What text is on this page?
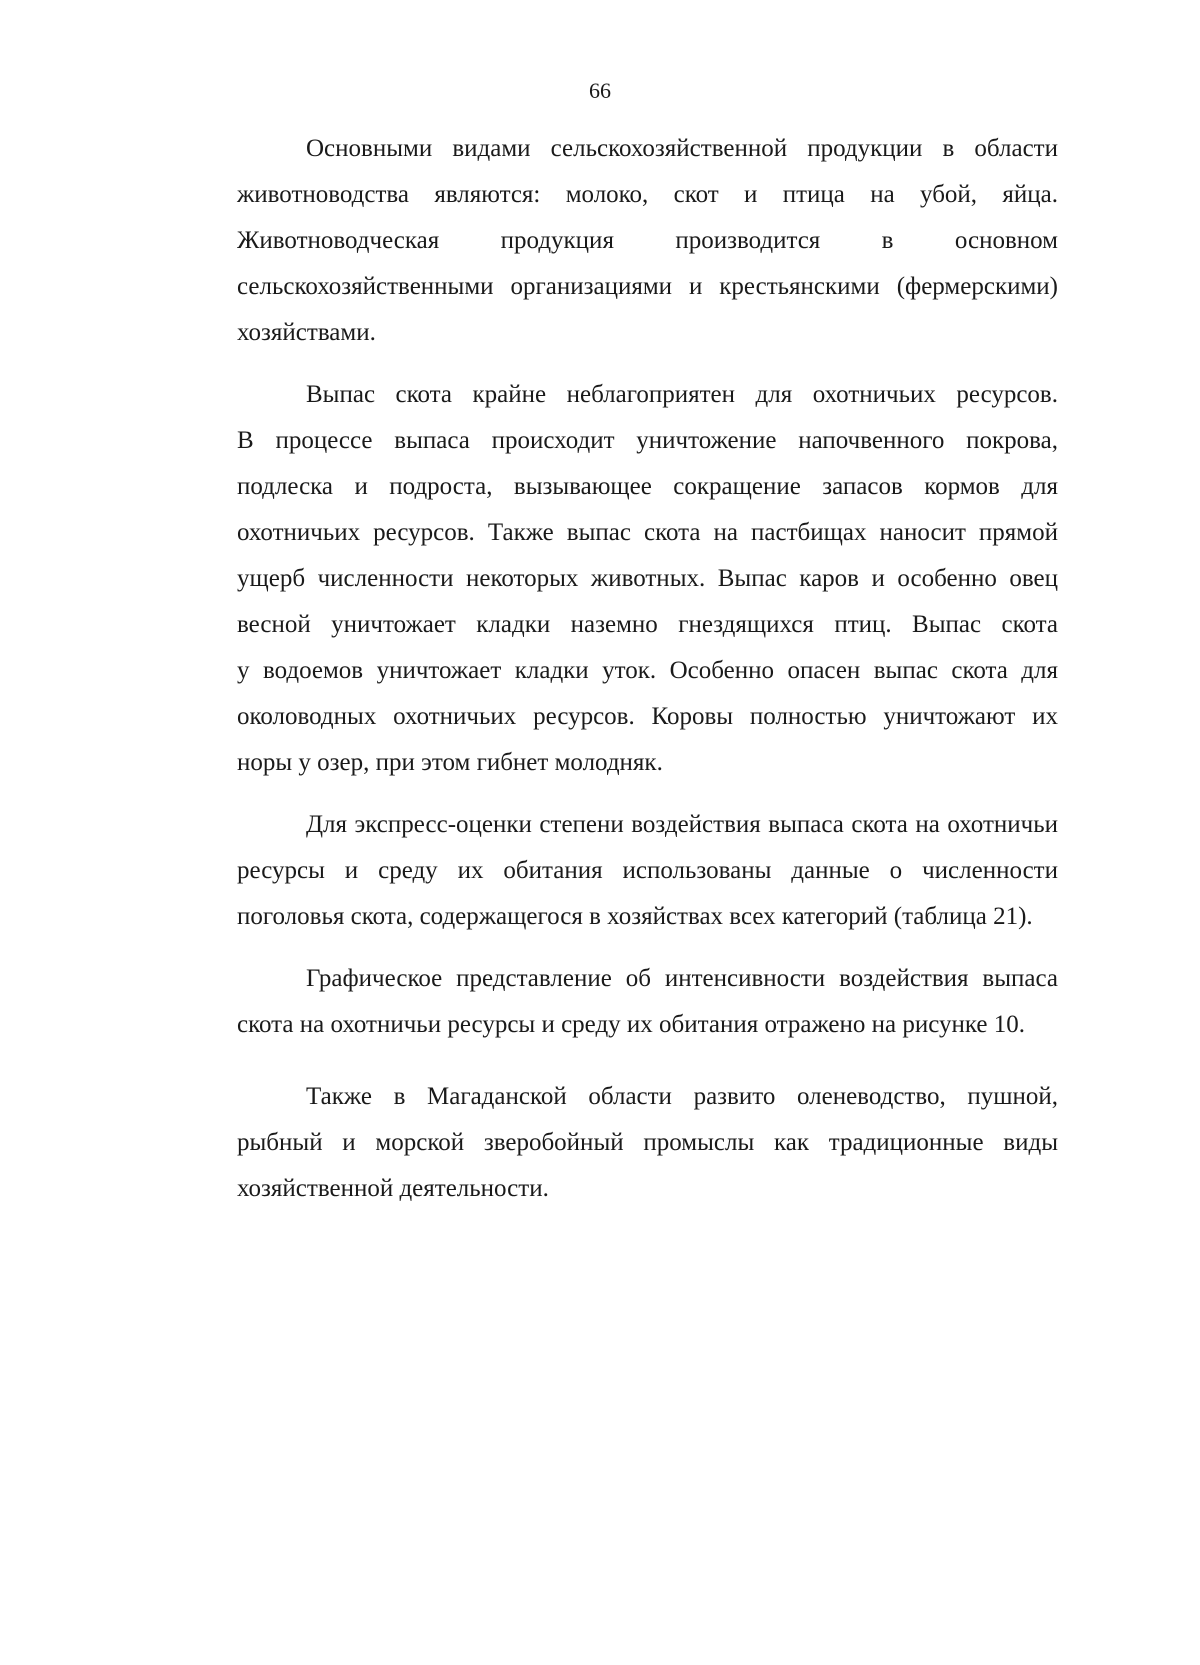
66
Основными видами сельскохозяйственной продукции в области
животноводства являются: молоко, скот и птица на убой, яйца.
Животноводческая продукция производится в основном
сельскохозяйственными организациями и крестьянскими (фермерскими)
хозяйствами.
Выпас скота крайне неблагоприятен для охотничьих ресурсов.
В процессе выпаса происходит уничтожение напочвенного покрова,
подлеска и подроста, вызывающее сокращение запасов кормов для
охотничьих ресурсов. Также выпас скота на пастбищах наносит прямой
ущерб численности некоторых животных. Выпас каров и особенно овец
весной уничтожает кладки наземно гнездящихся птиц. Выпас скота
у водоемов уничтожает кладки уток. Особенно опасен выпас скота для
околоводных охотничьих ресурсов. Коровы полностью уничтожают их
норы у озер, при этом гибнет молодняк.
Для экспресс-оценки степени воздействия выпаса скота на охотничьи
ресурсы и среду их обитания использованы данные о численности
поголовья скота, содержащегося в хозяйствах всех категорий (таблица 21).
Графическое представление об интенсивности воздействия выпаса
скота на охотничьи ресурсы и среду их обитания отражено на рисунке 10.
Также в Магаданской области развито оленеводство, пушной,
рыбный и морской зверобойный промыслы как традиционные виды
хозяйственной деятельности.
